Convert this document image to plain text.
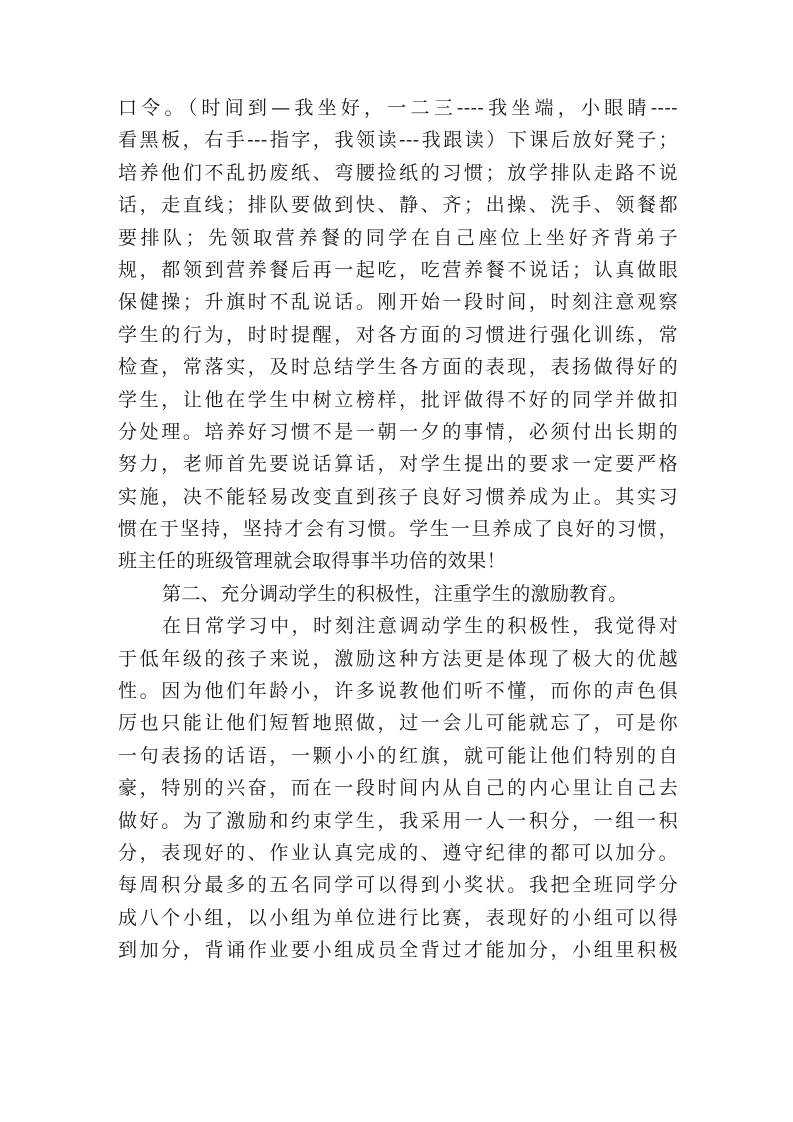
口令。（时间到—我坐好，一二三----我坐端，小眼睛----
看黑板，右手---指字，我领读---我跟读）下课后放好凳子；
培养他们不乱扔废纸、弯腰捡纸的习惯；放学排队走路不说
话，走直线；排队要做到快、静、齐；出操、洗手、领餐都
要排队；先领取营养餐的同学在自己座位上坐好齐背弟子
规，都领到营养餐后再一起吃，吃营养餐不说话；认真做眼
保健操；升旗时不乱说话。刚开始一段时间，时刻注意观察
学生的行为，时时提醒，对各方面的习惯进行强化训练，常
检查，常落实，及时总结学生各方面的表现，表扬做得好的
学生，让他在学生中树立榜样，批评做得不好的同学并做扣
分处理。培养好习惯不是一朝一夕的事情，必须付出长期的
努力，老师首先要说话算话，对学生提出的要求一定要严格
实施，决不能轻易改变直到孩子良好习惯养成为止。其实习
惯在于坚持，坚持才会有习惯。学生一旦养成了良好的习惯，
班主任的班级管理就会取得事半功倍的效果！
第二、充分调动学生的积极性，注重学生的激励教育。
在日常学习中，时刻注意调动学生的积极性，我觉得对
于低年级的孩子来说，激励这种方法更是体现了极大的优越
性。因为他们年龄小，许多说教他们听不懂，而你的声色俱
厉也只能让他们短暂地照做，过一会儿可能就忘了，可是你
一句表扬的话语，一颗小小的红旗，就可能让他们特别的自
豪，特别的兴奋，而在一段时间内从自己的内心里让自己去
做好。为了激励和约束学生，我采用一人一积分，一组一积
分，表现好的、作业认真完成的、遵守纪律的都可以加分。
每周积分最多的五名同学可以得到小奖状。我把全班同学分
成八个小组，以小组为单位进行比赛，表现好的小组可以得
到加分，背诵作业要小组成员全背过才能加分，小组里积极
